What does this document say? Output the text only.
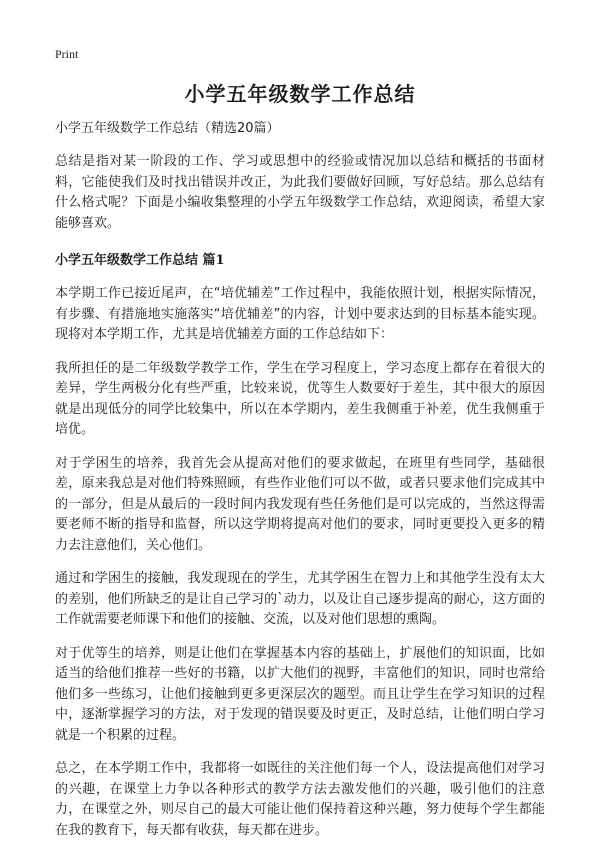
Print
小学五年级数学工作总结
小学五年级数学工作总结（精选20篇）

总结是指对某一阶段的工作、学习或思想中的经验或情况加以总结和概括的书面材料，它能使我们及时找出错误并改正，为此我们要做好回顾，写好总结。那么总结有什么格式呢？下面是小编收集整理的小学五年级数学工作总结，欢迎阅读，希望大家能够喜欢。

小学五年级数学工作总结 篇1

本学期工作已接近尾声，在“培优辅差”工作过程中，我能依照计划，根据实际情况，有步骤、有措施地实施落实“培优辅差”的内容，计划中要求达到的目标基本能实现。现将对本学期工作，尤其是培优辅差方面的工作总结如下：

我所担任的是二年级数学教学工作，学生在学习程度上，学习态度上都存在着很大的差异，学生两极分化有些严重，比较来说，优等生人数要好于差生，其中很大的原因就是出现低分的同学比较集中，所以在本学期内，差生我侧重于补差，优生我侧重于培优。

对于学困生的培养，我首先会从提高对他们的要求做起，在班里有些同学，基础很差，原来我总是对他们特殊照顾，有些作业他们可以不做，或者只要求他们完成其中的一部分，但是从最后的一段时间内我发现有些任务他们是可以完成的，当然这得需要老师不断的指导和监督，所以这学期将提高对他们的要求，同时更要投入更多的精力去注意他们，关心他们。

通过和学困生的接触，我发现现在的学生，尤其学困生在智力上和其他学生没有太大的差别，他们所缺乏的是让自己学习的`动力，以及让自己逐步提高的耐心，这方面的工作就需要老师课下和他们的接触、交流，以及对他们思想的熏陶。

对于优等生的培养，则是让他们在掌握基本内容的基础上，扩展他们的知识面，比如适当的给他们推荐一些好的书籍，以扩大他们的视野，丰富他们的知识，同时也常给他们多一些练习，让他们接触到更多更深层次的题型。而且让学生在学习知识的过程中，逐渐掌握学习的方法，对于发现的错误要及时更正，及时总结，让他们明白学习就是一个积累的过程。

总之，在本学期工作中，我都将一如既往的关注他们每一个人，设法提高他们对学习的兴趣，在课堂上力争以各种形式的教学方法去激发他们的兴趣，吸引他们的注意力，在课堂之外，则尽自己的最大可能让他们保持着这种兴趣，努力使每个学生都能在我的教育下，每天都有收获，每天都在进步。
